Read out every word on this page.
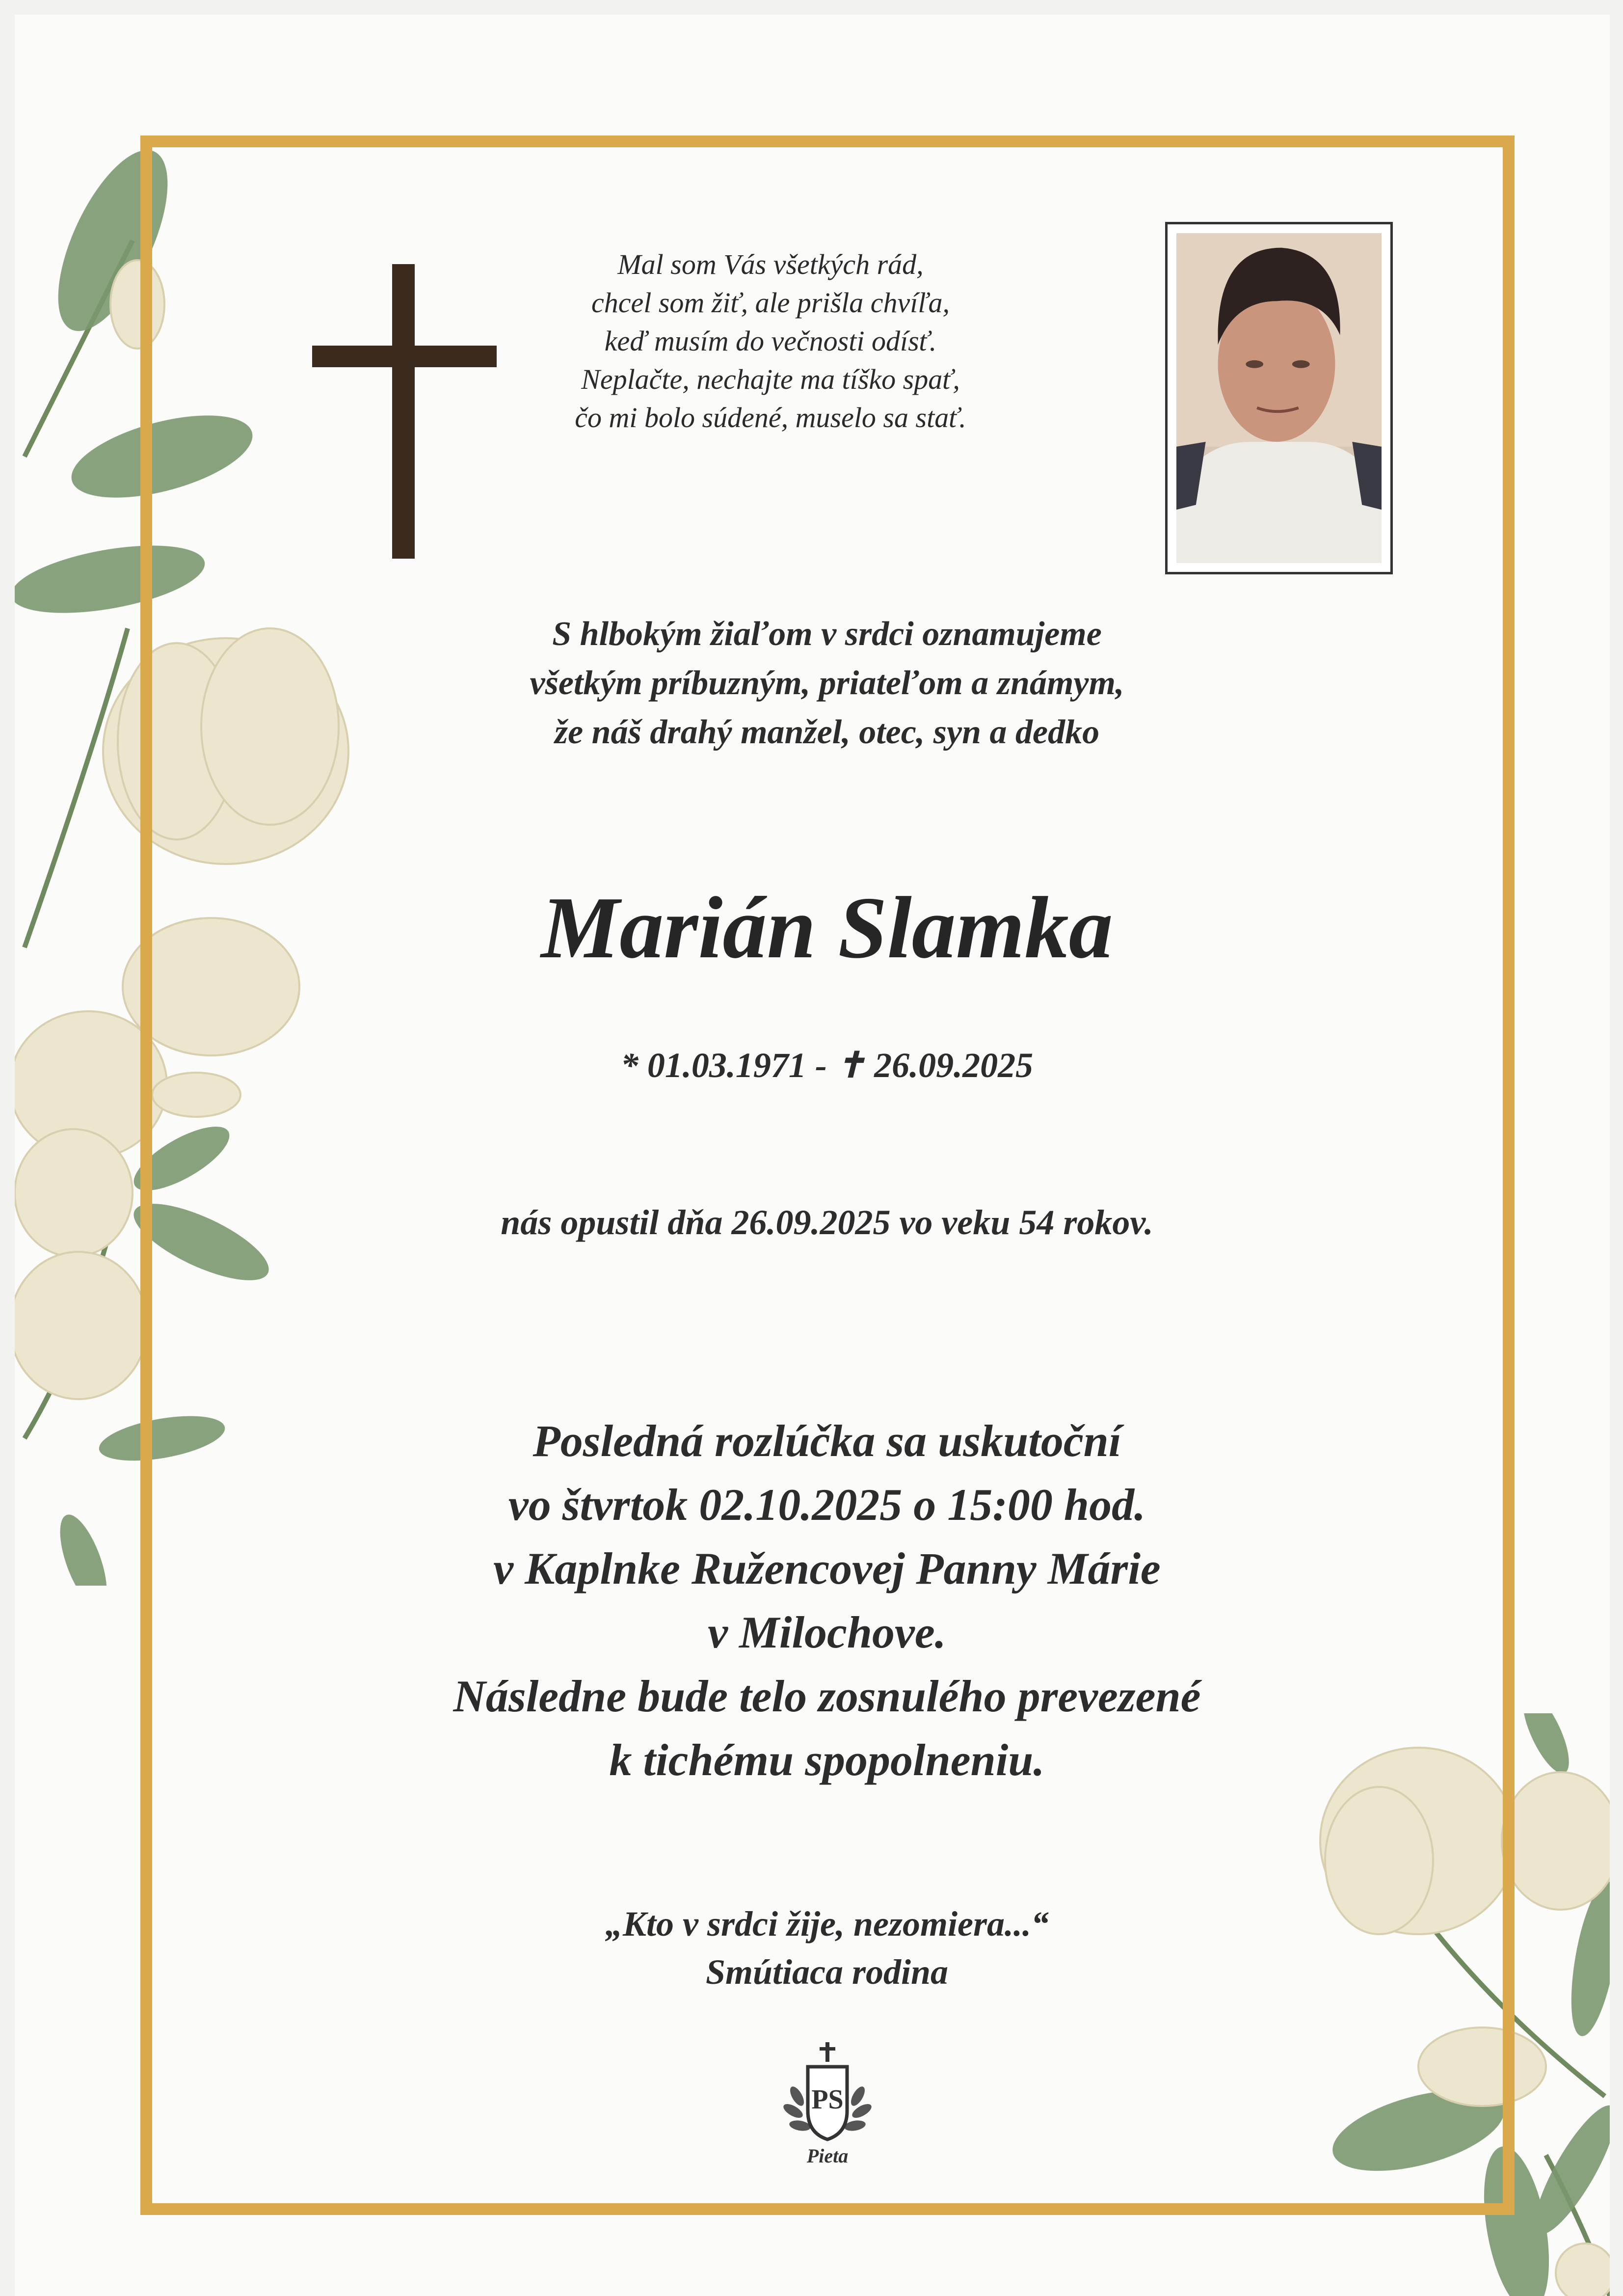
Mal som Vás všetkých rád,
chcel som žiť, ale prišla chvíľa,
keď musím do večnosti odísť.
Neplačte, nechajte ma tíško spať,
čo mi bolo súdené, muselo sa stať.
S hlbokým žiaľom v srdci oznamujeme
všetkým príbuzným, priateľom a známym,
že náš drahý manžel, otec, syn a dedko
Marián Slamka
* 01.03.1971 - ✝ 26.09.2025
nás opustil dňa 26.09.2025 vo veku 54 rokov.
Posledná rozlúčka sa uskutoční
vo štvrtok 02.10.2025 o 15:00 hod.
v Kaplnke Ružencovej Panny Márie
v Milochove.
Následne bude telo zosnulého prevezené
k tichému spopolneniu.
„Kto v srdci žije, nezomiera...“
Smútiaca rodina
PS
Pieta
